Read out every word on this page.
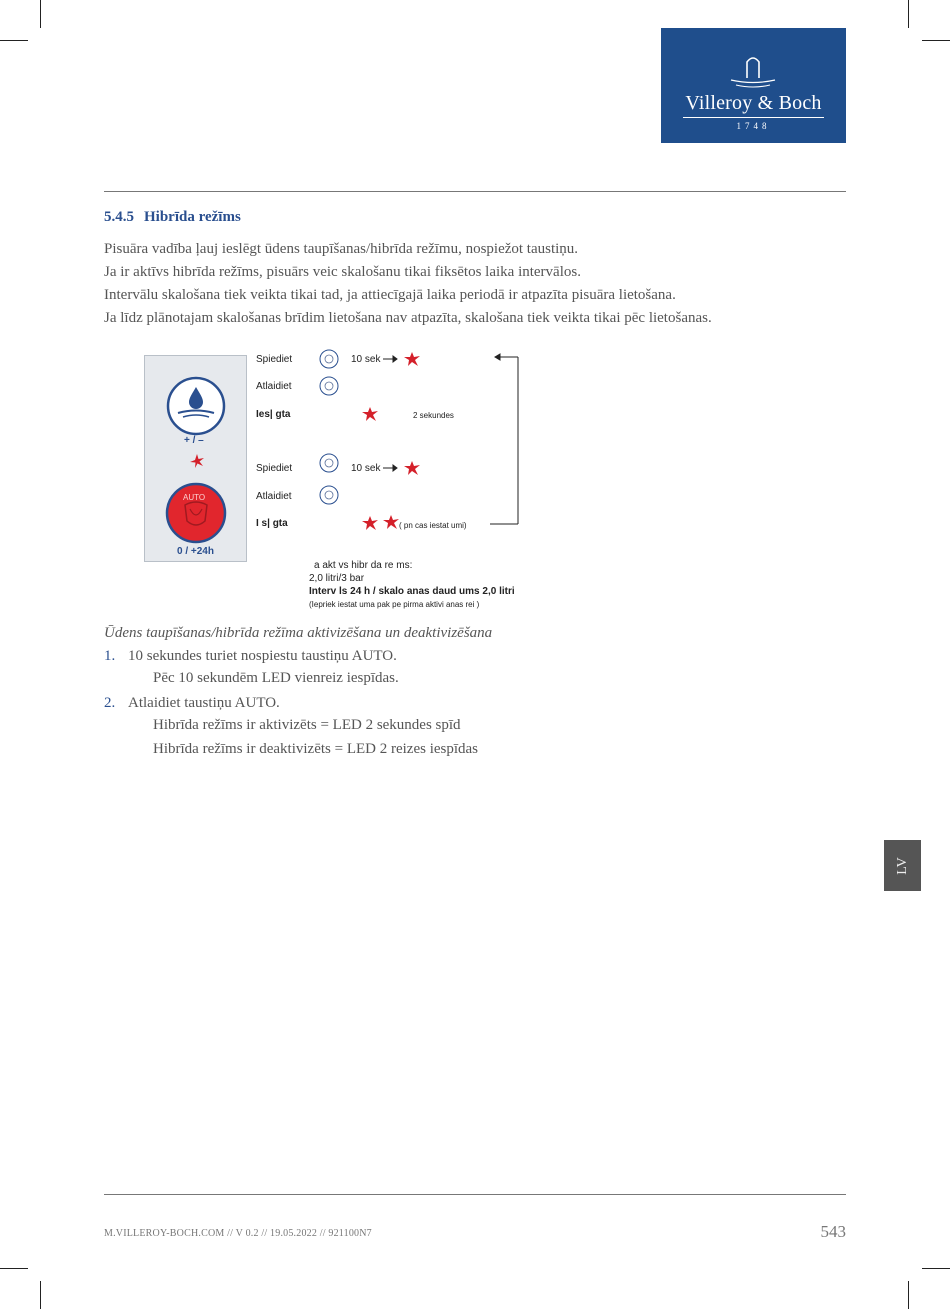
Villeroy & Boch
1748
5.4.5 Hibrīda režīms
Pisuāra vadība ļauj ieslēgt ūdens taupīšanas/hibrīda režīmu, nospiežot taustiņu.
Ja ir aktīvs hibrīda režīms, pisuārs veic skalošanu tikai fiksētos laika intervālos.
Intervālu skalošana tiek veikta tikai tad, ja attiecīgajā laika periodā ir atpazīta pisuāra lietošana.
Ja līdz plānotajam skalošanas brīdim lietošana nav atpazīta, skalošana tiek veikta tikai pēc lietošanas.
+ / –
AUTO
0 / +24h
Spiediet
Atlaidiet
Ies| gta
Spiediet
Atlaidiet
I s| gta
10 sek
10 sek
2 sekundes
( pn cas iestat umi)
a akt vs hibr da re ms:
2,0 litri/3 bar
Interv ls 24 h / skalo anas daud ums 2,0 litri
(Iepriek iestat uma pak pe pirma aktivi anas rei )
Ūdens taupīšanas/hibrīda režīma aktivizēšana un deaktivizēšana
1. 10 sekundes turiet nospiestu taustiņu AUTO.
Pēc 10 sekundēm LED vienreiz iespīdas.
2. Atlaidiet taustiņu AUTO.
Hibrīda režīms ir aktivizēts = LED 2 sekundes spīd
Hibrīda režīms ir deaktivizēts = LED 2 reizes iespīdas
LV
M.VILLEROY-BOCH.COM // V 0.2 // 19.05.2022 // 921100N7	543
